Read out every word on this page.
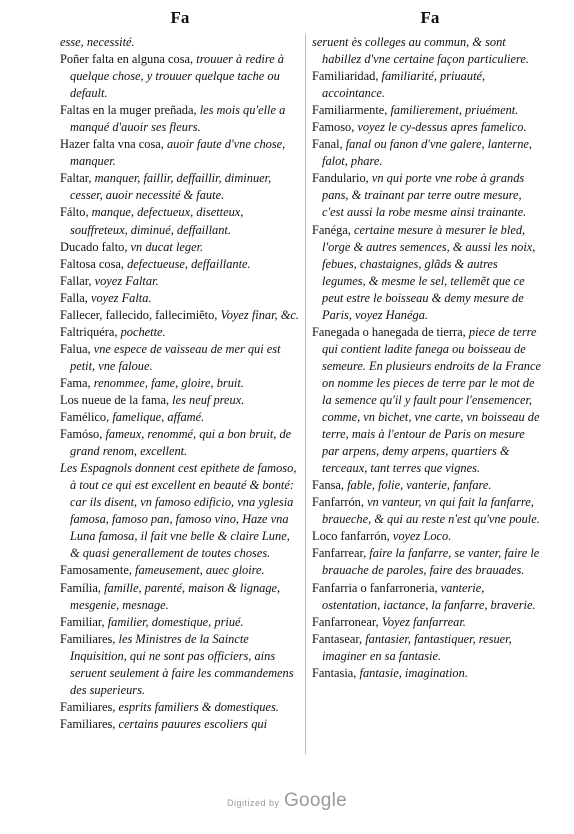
Fa	Fa

esse, necessité.

Poñer falta en alguna cosa, trouuer à redire à quelque chose, y trouuer quelque tache ou default.

Faltas en la muger preñada, les mois qu'elle a manqué d'auoir ses fleurs.

Hazer falta vna cosa, auoir faute d'vne chose, manquer.

Faltar, manquer, faillir, deffaillir, diminuer, cesser, auoir necessité & faute.

Fálto, manque, defectueux, disetteux, souffreteux, diminué, deffaillant.

Ducado falto, vn ducat leger.

Faltosa cosa, defectueuse, deffaillante.

Fallar, voyez Faltar.

Falla, voyez Falta.

Fallecer, fallecido, fallecimiẽto, Voyez finar, &c.

Faltriquéra, pochette.

Falua, vne espece de vaisseau de mer qui est petit, vne faloue.

Fama, renommee, fame, gloire, bruit.

Los nueue de la fama, les neuf preux.

Famélico, famelique, affamé.

Famóso, fameux, renommé, qui a bon bruit, de grand renom, excellent.

Les Espagnols donnent cest epithete de famoso, à tout ce qui est excellent en beauté & bonté: car ils disent, vn famoso edificio, vna yglesia famosa, famoso pan, famoso vino, Haze vna Luna famosa, il fait vne belle & claire Lune, & quasi generallement de toutes choses.

Famosamente, fameusement, auec gloire.

Família, famille, parenté, maison & lignage, mesgenie, mesnage.

Familiar, familier, domestique, priué.

Familiares, les Ministres de la Saincte Inquisition, qui ne sont pas officiers, ains seruent seulement à faire les commandemens des superieurs.

Familiares, esprits familiers & domestiques.

Familiares, certains pauures escoliers qui

seruent ès colleges au commun, & sont habillez d'vne certaine façon particuliere.

Familiaridad, familiarité, priuauté, accointance.

Familiarmente, familierement, priuément.

Famoso, voyez le cy-dessus apres famelico.

Fanal, fanal ou fanon d'vne galere, lanterne, falot, phare.

Fandulario, vn qui porte vne robe à grands pans, & trainant par terre outre mesure, c'est aussi la robe mesme ainsi trainante.

Fanéga, certaine mesure à mesurer le bled, l'orge & autres semences, & aussi les noix, febues, chastaignes, glãds & autres legumes, & mesme le sel, tellemẽt que ce peut estre le boisseau & demy mesure de Paris, voyez Hanéga.

Fanegada o hanegada de tierra, piece de terre qui contient ladite fanega ou boisseau de semeure. En plusieurs endroits de la France on nomme les pieces de terre par le mot de la semence qu'il y fault pour l'ensemencer, comme, vn bichet, vne carte, vn boisseau de terre, mais à l'entour de Paris on mesure par arpens, demy arpens, quartiers & terceaux, tant terres que vignes.

Fansa, fable, folie, vanterie, fanfare.

Fanfarrón, vn vanteur, vn qui fait la fanfarre, braueche, & qui au reste n'est qu'vne poule.

Loco fanfarrón, voyez Loco.

Fanfarrear, faire la fanfarre, se vanter, faire le brauache de paroles, faire des brauades.

Fanfarria o fanfarroneria, vanterie, ostentation, iactance, la fanfarre, braverie.

Fanfarronear, Voyez fanfarrear.

Fantasear, fantasier, fantastiquer, resuer, imaginer en sa fantasie.

Fantasia, fantasie, imagination.

Digitized by Google
